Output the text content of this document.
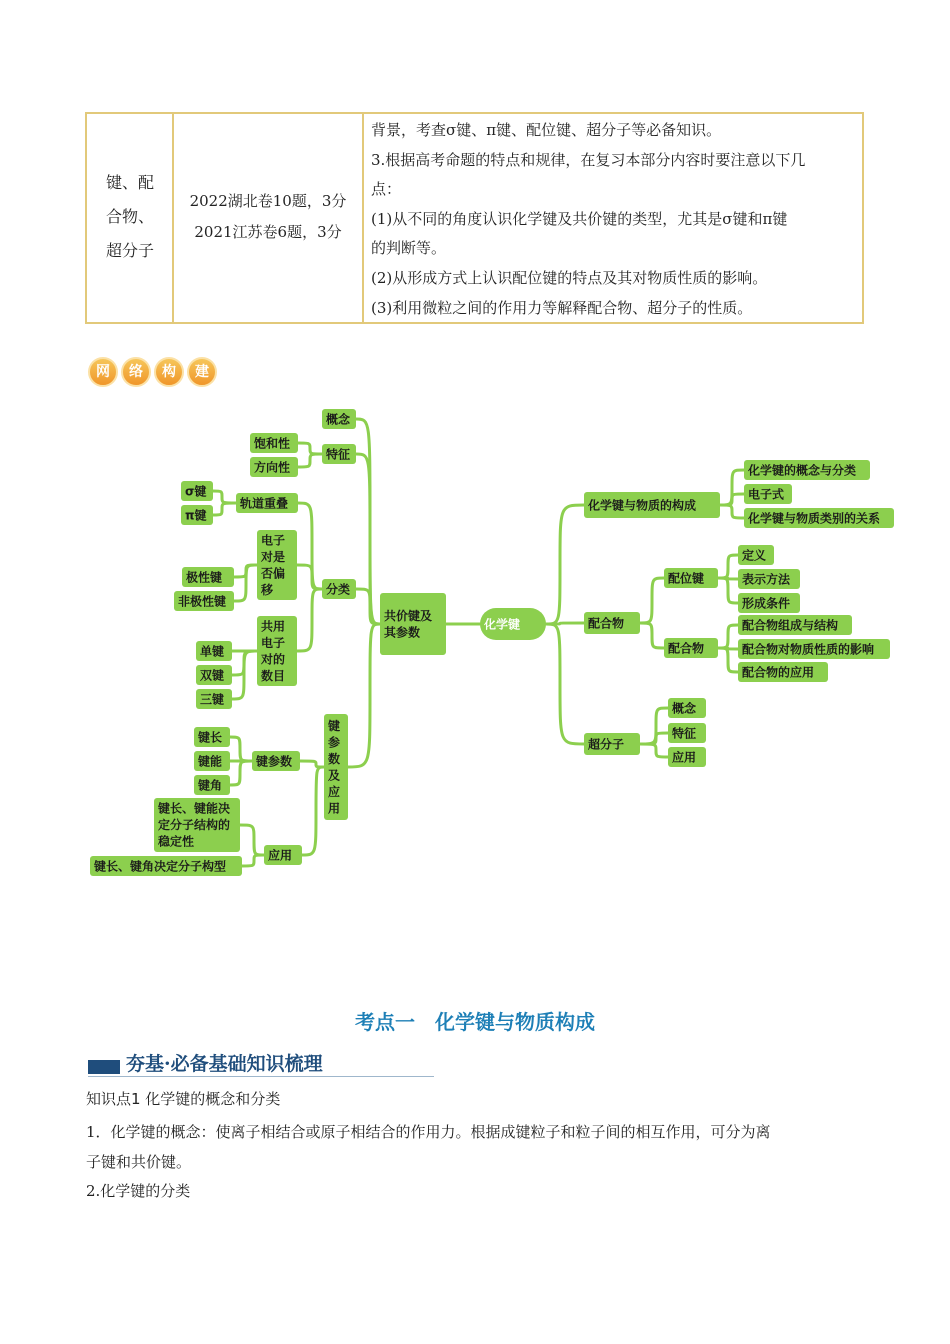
键、配
合物、
超分子
2022湖北卷10题，3分
2021江苏卷6题，3分
背景，考查σ键、π键、配位键、超分子等必备知识。
3.根据高考命题的特点和规律，在复习本部分内容时要注意以下几
点：
(1)从不同的角度认识化学键及共价键的类型，尤其是σ键和π键
的判断等。
(2)从形成方式上认识配位键的特点及其对物质性质的影响。
(3)利用微粒之间的作用力等解释配合物、超分子的性质。
网 络 构 建
概念
特征
饱和性
方向性
轨道重叠
σ键
π键
电子对是否偏移
极性键
非极性键
分类
共用电子对的数目
单键
双键
三键
键参数及应用
键参数
键长
键能
键角
键长、键能决定分子结构的稳定性
应用
键长、键角决定分子构型
共价键及其参数
化学键
化学键与物质的构成
化学键的概念与分类
电子式
化学键与物质类别的关系
配合物
配位键
定义
表示方法
形成条件
配合物
配合物组成与结构
配合物对物质性质的影响
配合物的应用
超分子
概念
特征
应用
考点一　化学键与物质构成
夯基·必备基础知识梳理
知识点1 化学键的概念和分类
1．化学键的概念：使离子相结合或原子相结合的作用力。根据成键粒子和粒子间的相互作用，可分为离
子键和共价键。
2.化学键的分类
